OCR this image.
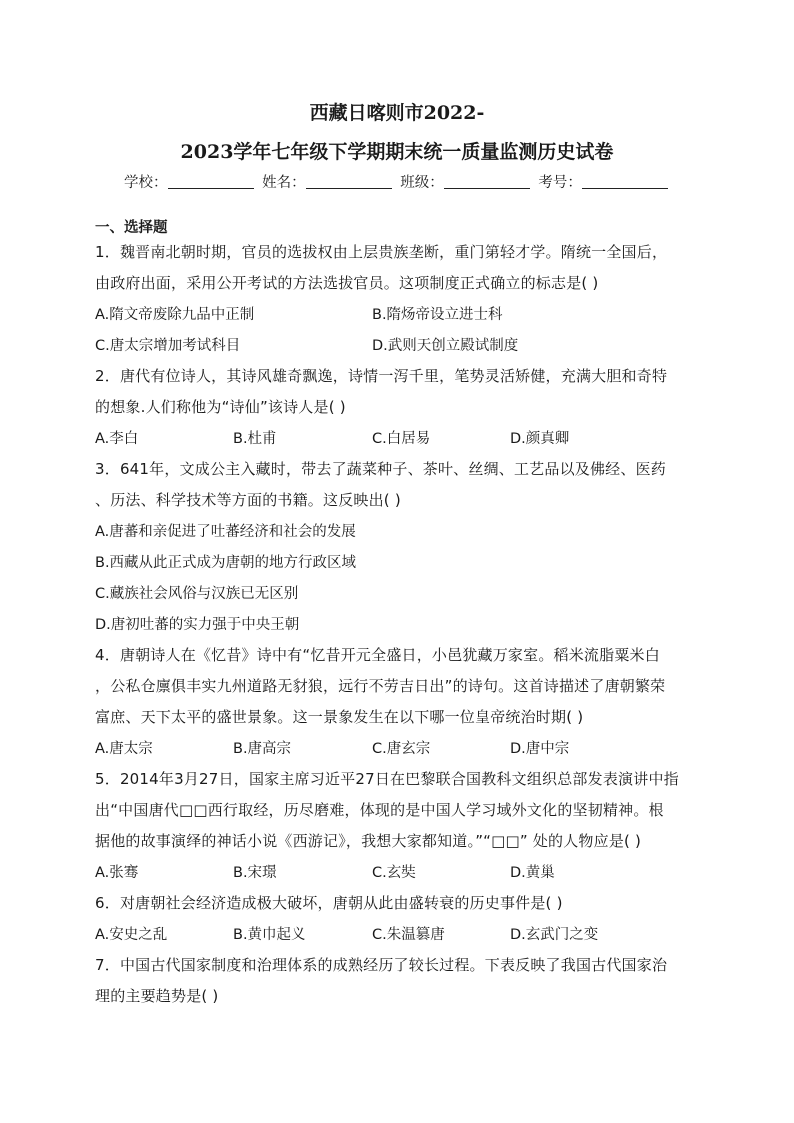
西藏日喀则市2022-
2023学年七年级下学期期末统一质量监测历史试卷
学校：	姓名：	班级：	考号：
一、选择题
1．魏晋南北朝时期，官员的选拔权由上层贵族垄断，重门第轻才学。隋统一全国后，
由政府出面，采用公开考试的方法选拔官员。这项制度正式确立的标志是( )
A.隋文帝废除九品中正制	B.隋炀帝设立进士科
C.唐太宗增加考试科目	D.武则天创立殿试制度
2．唐代有位诗人，其诗风雄奇飘逸，诗情一泻千里，笔势灵活矫健，充满大胆和奇特
的想象.人们称他为“诗仙”该诗人是( )
A.李白	B.杜甫	C.白居易	D.颜真卿
3．641年，文成公主入藏时，带去了蔬菜种子、茶叶、丝绸、工艺品以及佛经、医药
、历法、科学技术等方面的书籍。这反映出( )
A.唐蕃和亲促进了吐蕃经济和社会的发展
B.西藏从此正式成为唐朝的地方行政区域
C.藏族社会风俗与汉族已无区别
D.唐初吐蕃的实力强于中央王朝
4．唐朝诗人在《忆昔》诗中有“忆昔开元全盛日，小邑犹藏万家室。稻米流脂粟米白
，公私仓廪俱丰实九州道路无豺狼，远行不劳吉日出”的诗句。这首诗描述了唐朝繁荣
富庶、天下太平的盛世景象。这一景象发生在以下哪一位皇帝统治时期( )
A.唐太宗	B.唐高宗	C.唐玄宗	D.唐中宗
5．2014年3月27日，国家主席习近平27日在巴黎联合国教科文组织总部发表演讲中指
出“中国唐代□□西行取经，历尽磨难，体现的是中国人学习域外文化的坚韧精神。根
据他的故事演绎的神话小说《西游记》，我想大家都知道。”“□□” 处的人物应是( )
A.张骞	B.宋璟	C.玄奘	D.黄巢
6．对唐朝社会经济造成极大破坏，唐朝从此由盛转衰的历史事件是( )
A.安史之乱	B.黄巾起义	C.朱温篡唐	D.玄武门之变
7．中国古代国家制度和治理体系的成熟经历了较长过程。下表反映了我国古代国家治
理的主要趋势是( )
